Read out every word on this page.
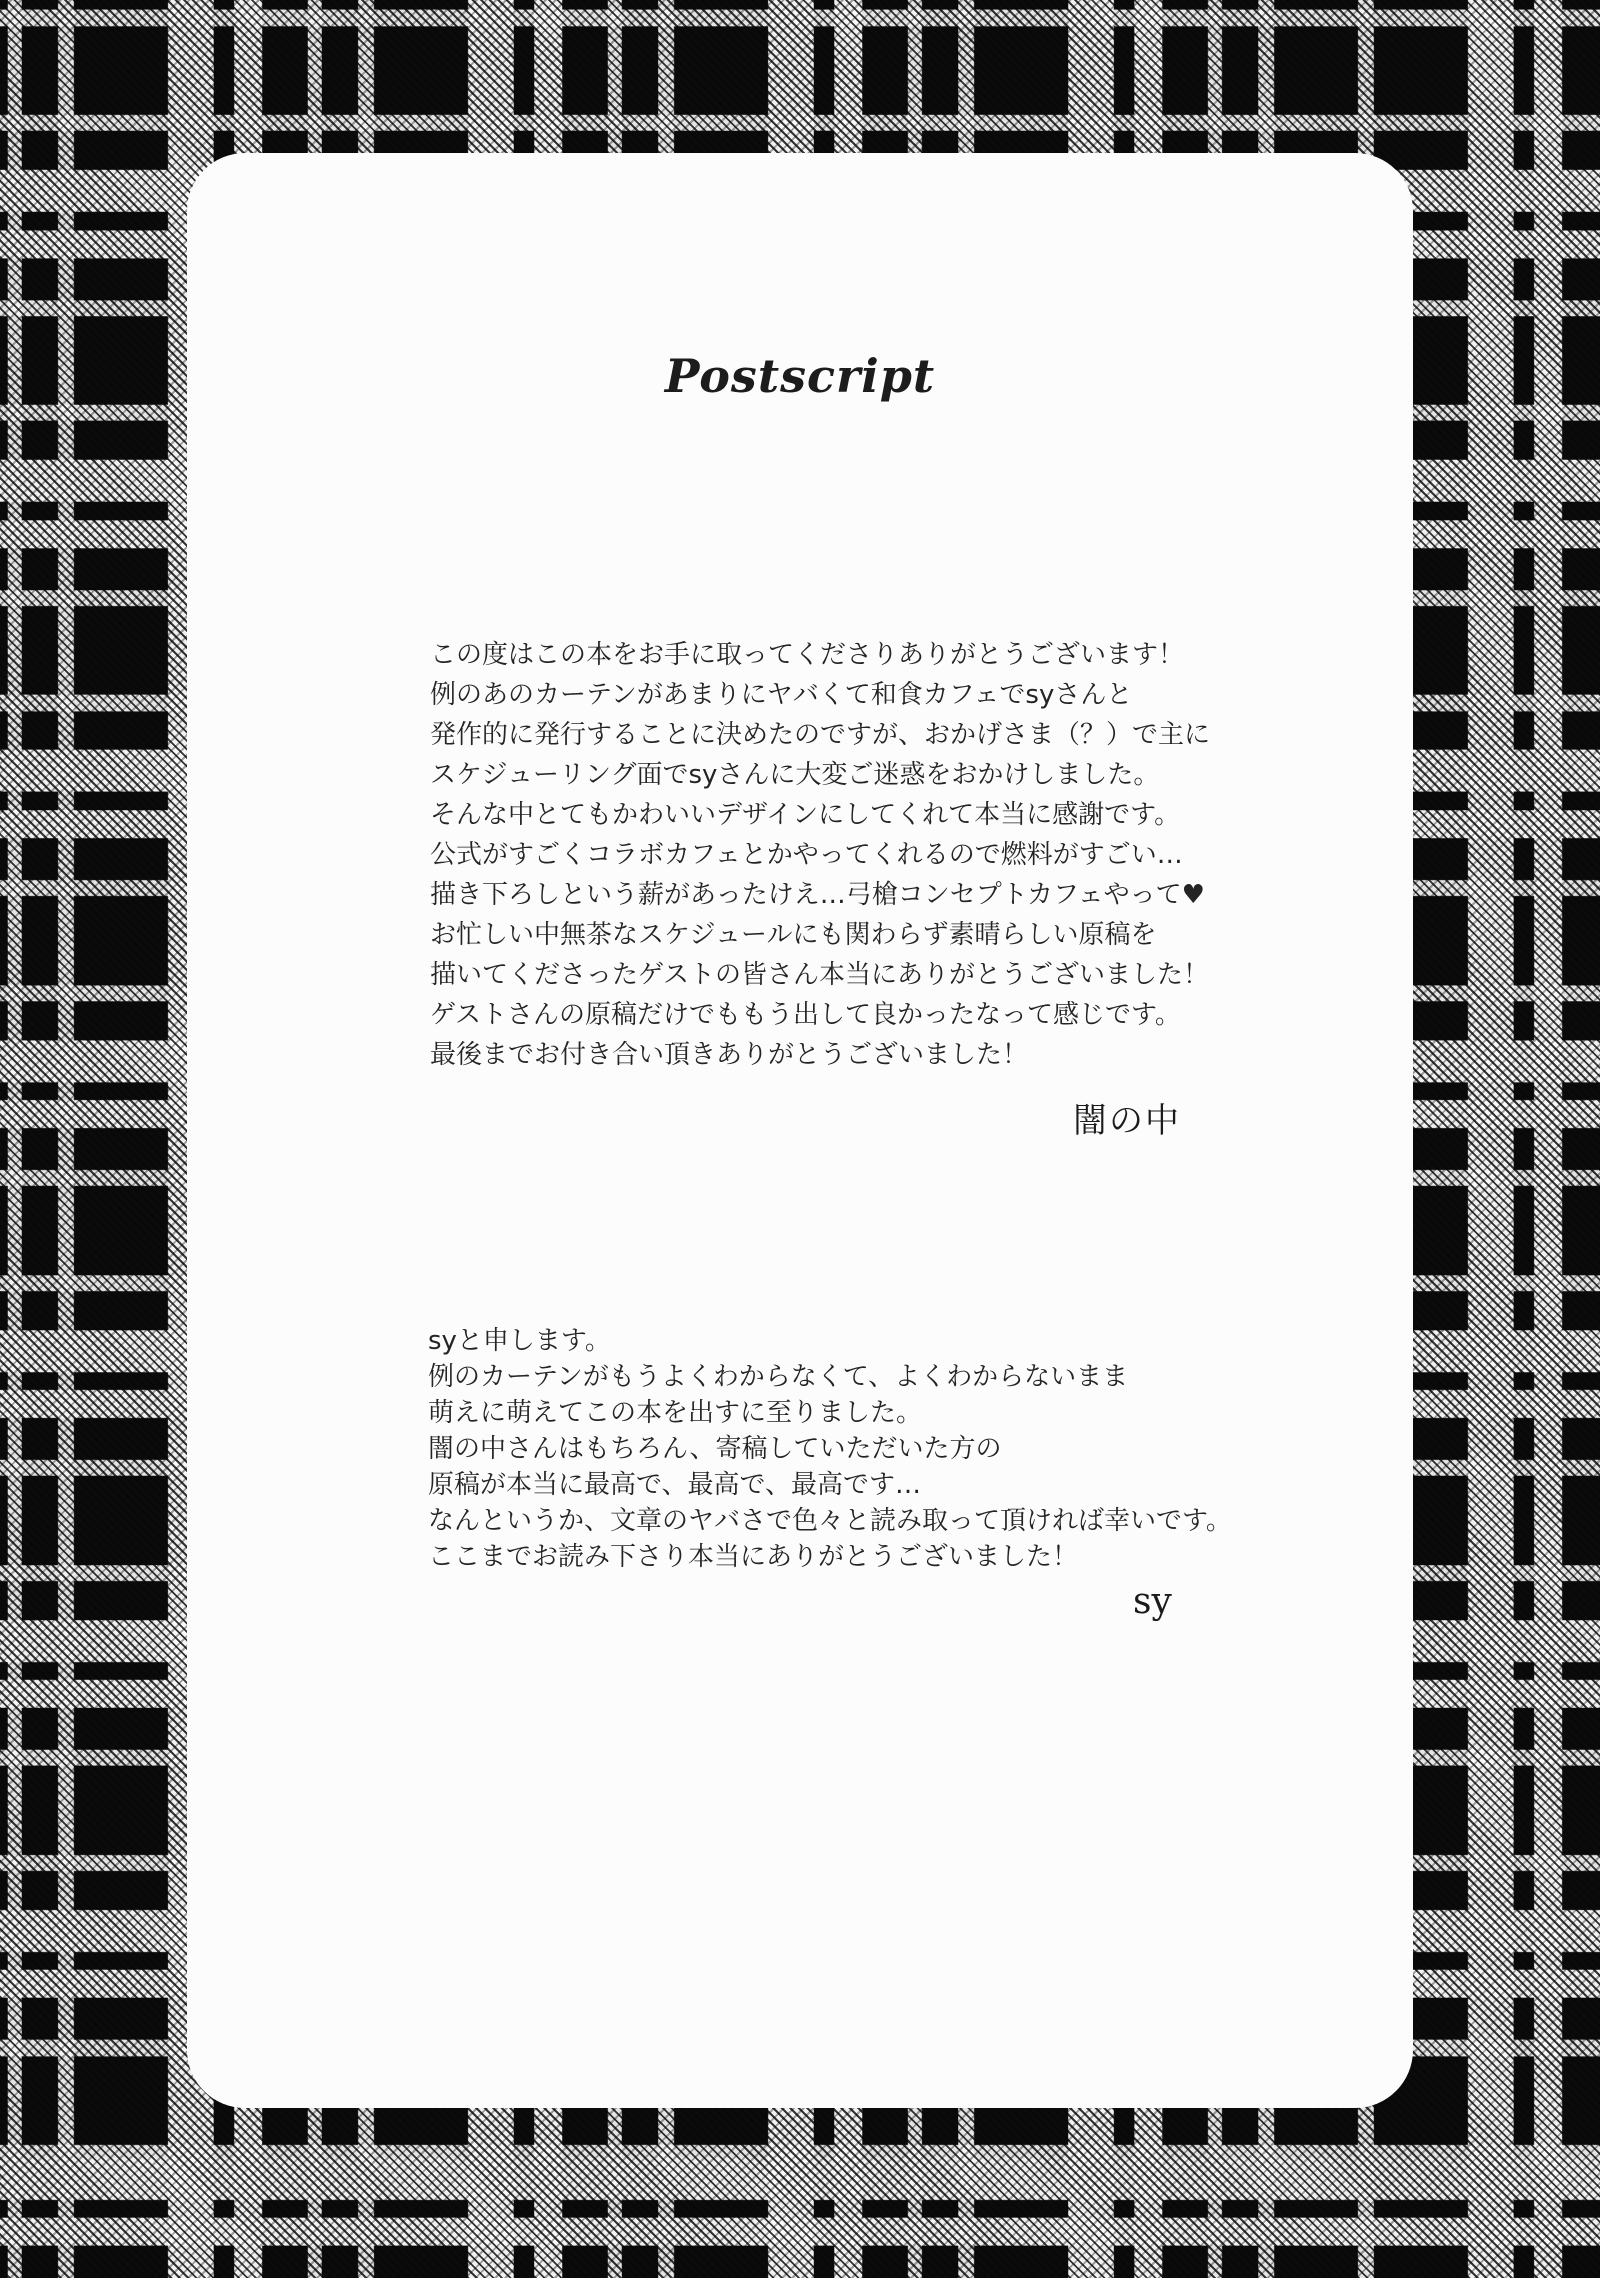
Postscript
この度はこの本をお手に取ってくださりありがとうございます！
例のあのカーテンがあまりにヤバくて和食カフェでsyさんと
発作的に発行することに決めたのですが、おかげさま（？）で主に
スケジューリング面でsyさんに大変ご迷惑をおかけしました。
そんな中とてもかわいいデザインにしてくれて本当に感謝です。
公式がすごくコラボカフェとかやってくれるので燃料がすごい…
描き下ろしという薪があったけえ…弓槍コンセプトカフェやって♥
お忙しい中無茶なスケジュールにも関わらず素晴らしい原稿を
描いてくださったゲストの皆さん本当にありがとうございました！
ゲストさんの原稿だけでももう出して良かったなって感じです。
最後までお付き合い頂きありがとうございました！
闇の中
syと申します。
例のカーテンがもうよくわからなくて、よくわからないまま
萌えに萌えてこの本を出すに至りました。
闇の中さんはもちろん、寄稿していただいた方の
原稿が本当に最高で、最高で、最高です…
なんというか、文章のヤバさで色々と読み取って頂ければ幸いです。
ここまでお読み下さり本当にありがとうございました！
sy
